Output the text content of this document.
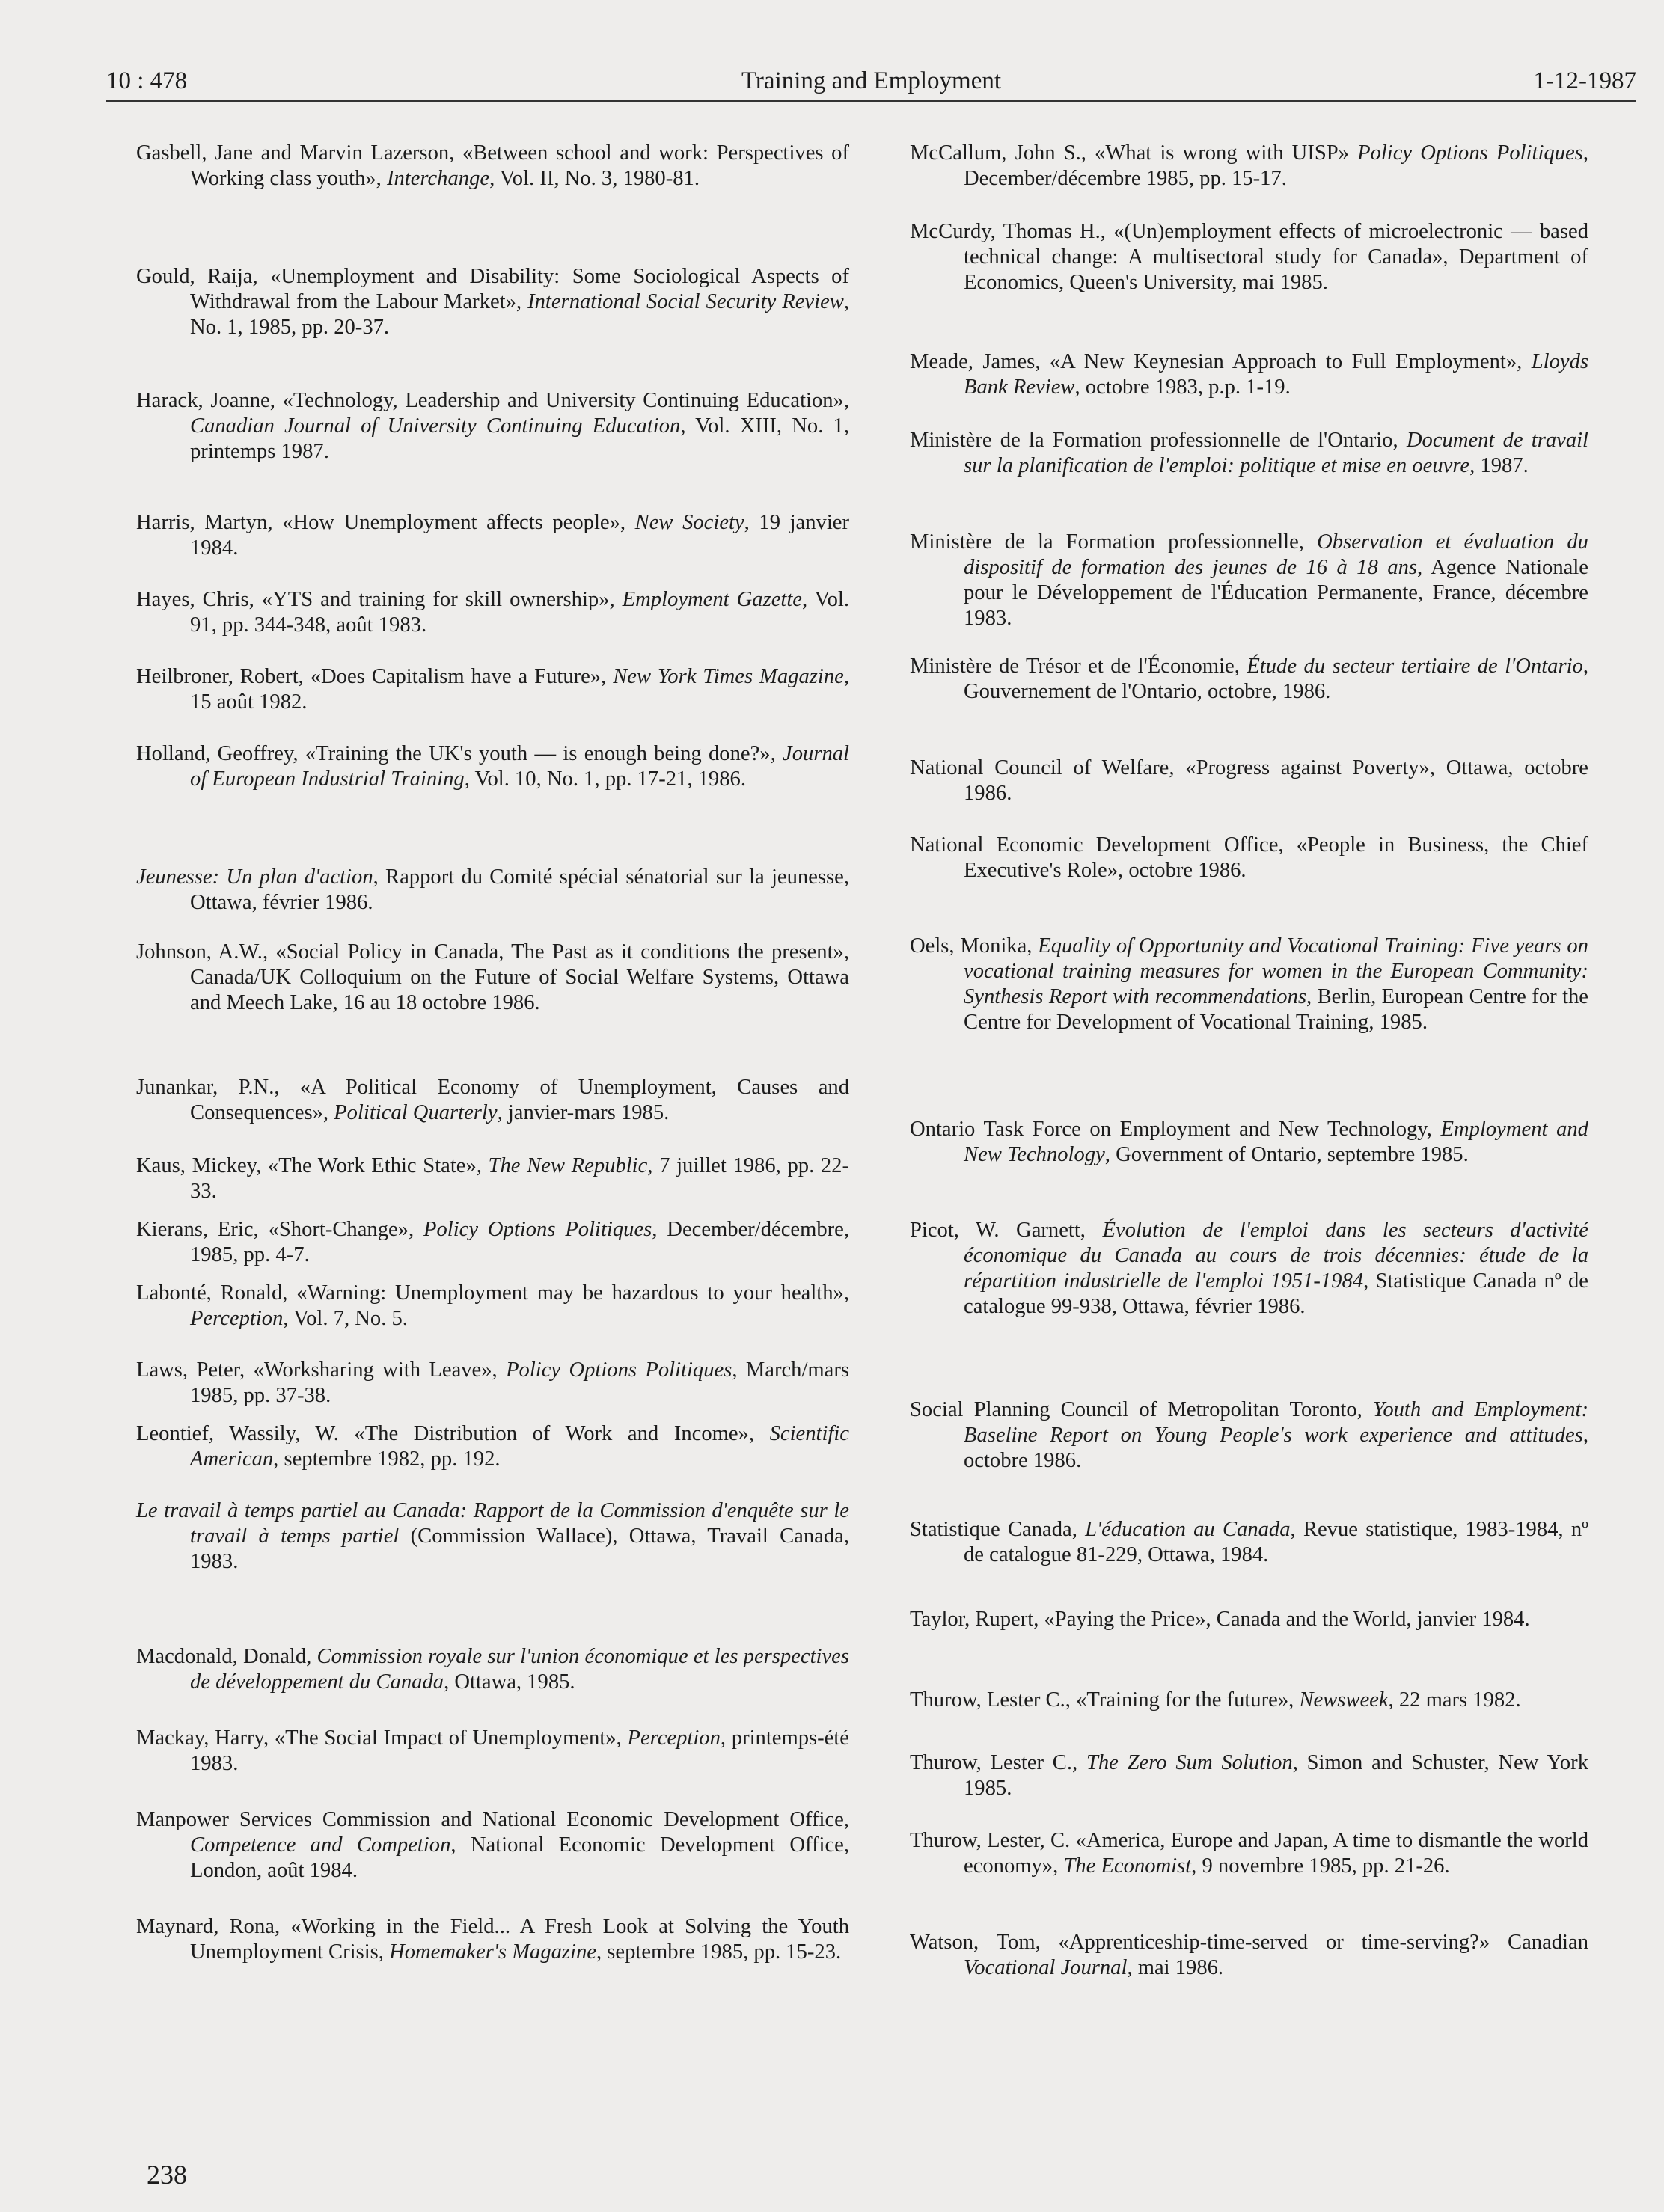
Training and Employment
10 : 478	1-12-1987

Gasbell, Jane and Marvin Lazerson, «Between school and work: Perspectives of Working class youth», Interchange, Vol. II, No. 3, 1980-81.

Gould, Raija, «Unemployment and Disability: Some Sociological Aspects of Withdrawal from the Labour Market», International Social Security Review, No. 1, 1985, pp. 20-37.

Harack, Joanne, «Technology, Leadership and University Continuing Education», Canadian Journal of University Continuing Education, Vol. XIII, No. 1, printemps 1987.

Harris, Martyn, «How Unemployment affects people», New Society, 19 janvier 1984.

Hayes, Chris, «YTS and training for skill ownership», Employment Gazette, Vol. 91, pp. 344-348, août 1983.

Heilbroner, Robert, «Does Capitalism have a Future», New York Times Magazine, 15 août 1982.

Holland, Geoffrey, «Training the UK's youth — is enough being done?», Journal of European Industrial Training, Vol. 10, No. 1, pp. 17-21, 1986.

Jeunesse: Un plan d'action, Rapport du Comité spécial sénatorial sur la jeunesse, Ottawa, février 1986.

Johnson, A.W., «Social Policy in Canada, The Past as it conditions the present», Canada/UK Colloquium on the Future of Social Welfare Systems, Ottawa and Meech Lake, 16 au 18 octobre 1986.

Junankar, P.N., «A Political Economy of Unemployment, Causes and Consequences», Political Quarterly, janvier-mars 1985.

Kaus, Mickey, «The Work Ethic State», The New Republic, 7 juillet 1986, pp. 22-33.

Kierans, Eric, «Short-Change», Policy Options Politiques, December/décembre, 1985, pp. 4-7.

Labonté, Ronald, «Warning: Unemployment may be hazardous to your health», Perception, Vol. 7, No. 5.

Laws, Peter, «Worksharing with Leave», Policy Options Politiques, March/mars 1985, pp. 37-38.

Leontief, Wassily, W. «The Distribution of Work and Income», Scientific American, septembre 1982, pp. 192.

Le travail à temps partiel au Canada: Rapport de la Commission d'enquête sur le travail à temps partiel (Commission Wallace), Ottawa, Travail Canada, 1983.

Macdonald, Donald, Commission royale sur l'union économique et les perspectives de développement du Canada, Ottawa, 1985.

Mackay, Harry, «The Social Impact of Unemployment», Perception, printemps-été 1983.

Manpower Services Commission and National Economic Development Office, Competence and Competion, National Economic Development Office, London, août 1984.

Maynard, Rona, «Working in the Field... A Fresh Look at Solving the Youth Unemployment Crisis, Homemaker's Magazine, septembre 1985, pp. 15-23.

McCallum, John S., «What is wrong with UISP» Policy Options Politiques, December/décembre 1985, pp. 15-17.

McCurdy, Thomas H., «(Un)employment effects of microelectronic — based technical change: A multisectoral study for Canada», Department of Economics, Queen's University, mai 1985.

Meade, James, «A New Keynesian Approach to Full Employment», Lloyds Bank Review, octobre 1983, p.p. 1-19.

Ministère de la Formation professionnelle de l'Ontario, Document de travail sur la planification de l'emploi: politique et mise en oeuvre, 1987.

Ministère de la Formation professionnelle, Observation et évaluation du dispositif de formation des jeunes de 16 à 18 ans, Agence Nationale pour le Développement de l'Éducation Permanente, France, décembre 1983.

Ministère de Trésor et de l'Économie, Étude du secteur tertiaire de l'Ontario, Gouvernement de l'Ontario, octobre, 1986.

National Council of Welfare, «Progress against Poverty», Ottawa, octobre 1986.

National Economic Development Office, «People in Business, the Chief Executive's Role», octobre 1986.

Oels, Monika, Equality of Opportunity and Vocational Training: Five years on vocational training measures for women in the European Community: Synthesis Report with recommendations, Berlin, European Centre for the Centre for Development of Vocational Training, 1985.

Ontario Task Force on Employment and New Technology, Employment and New Technology, Government of Ontario, septembre 1985.

Picot, W. Garnett, Évolution de l'emploi dans les secteurs d'activité économique du Canada au cours de trois décennies: étude de la répartition industrielle de l'emploi 1951-1984, Statistique Canada nº de catalogue 99-938, Ottawa, février 1986.

Social Planning Council of Metropolitan Toronto, Youth and Employment: Baseline Report on Young People's work experience and attitudes, octobre 1986.

Statistique Canada, L'éducation au Canada, Revue statistique, 1983-1984, nº de catalogue 81-229, Ottawa, 1984.

Taylor, Rupert, «Paying the Price», Canada and the World, janvier 1984.

Thurow, Lester C., «Training for the future», Newsweek, 22 mars 1982.

Thurow, Lester C., The Zero Sum Solution, Simon and Schuster, New York 1985.

Thurow, Lester, C. «America, Europe and Japan, A time to dismantle the world economy», The Economist, 9 novembre 1985, pp. 21-26.

Watson, Tom, «Apprenticeship-time-served or time-serving?» Canadian Vocational Journal, mai 1986.

238
